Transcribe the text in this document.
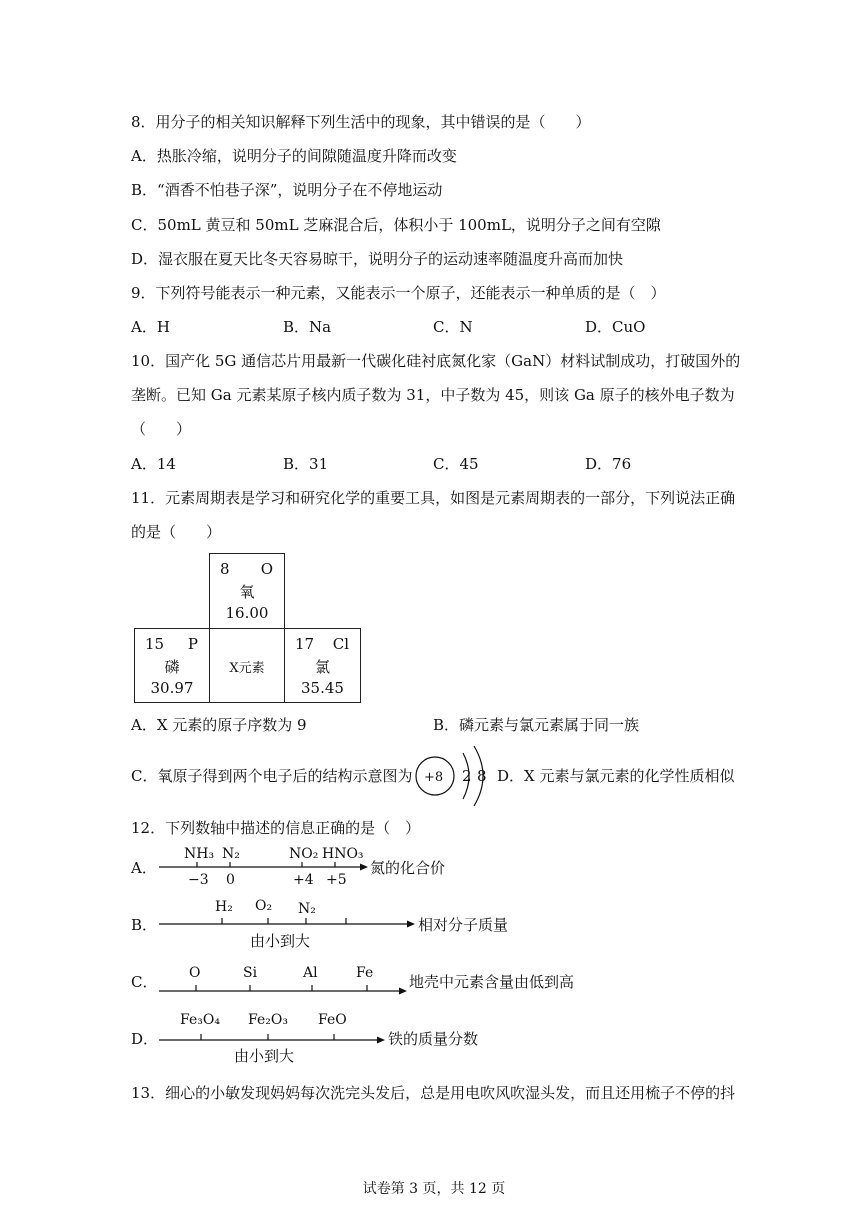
8．用分子的相关知识解释下列生活中的现象，其中错误的是（　　）
A．热胀冷缩，说明分子的间隙随温度升降而改变
B．“酒香不怕巷子深”，说明分子在不停地运动
C．50mL 黄豆和 50mL 芝麻混合后，体积小于 100mL，说明分子之间有空隙
D．湿衣服在夏天比冬天容易晾干，说明分子的运动速率随温度升高而加快
9．下列符号能表示一种元素，又能表示一个原子，还能表示一种单质的是（　）
A．H	B．Na	C．N	D．CuO
10．国产化 5G 通信芯片用最新一代碳化硅衬底氮化家（GaN）材料试制成功，打破国外的
垄断。已知 Ga 元素某原子核内质子数为 31，中子数为 45，则该 Ga 原子的核外电子数为
（　　）
A．14	B．31	C．45	D．76
11．元素周期表是学习和研究化学的重要工具，如图是元素周期表的一部分，下列说法正确
的是（　　）
8 O
氧
16.00
15 P
磷
30.97
X元素
17 Cl
氯
35.45
A．X 元素的原子序数为 9	B．磷元素与氯元素属于同一族
C．氧原子得到两个电子后的结构示意图为 +8 2 8 D．X 元素与氯元素的化学性质相似
12．下列数轴中描述的信息正确的是（　）
A．
NH₃ N₂	NO₂ HNO₃
−3 0	+4 +5
氮的化合价
B．
H₂ O₂ N₂
由小到大
相对分子质量
C． O	Si	Al	Fe 地壳中元素含量由低到高
D．
Fe₃O₄ Fe₂O₃ FeO
由小到大
铁的质量分数
13．细心的小敏发现妈妈每次洗完头发后，总是用电吹风吹湿头发，而且还用梳子不停的抖
试卷第 3 页，共 12 页
